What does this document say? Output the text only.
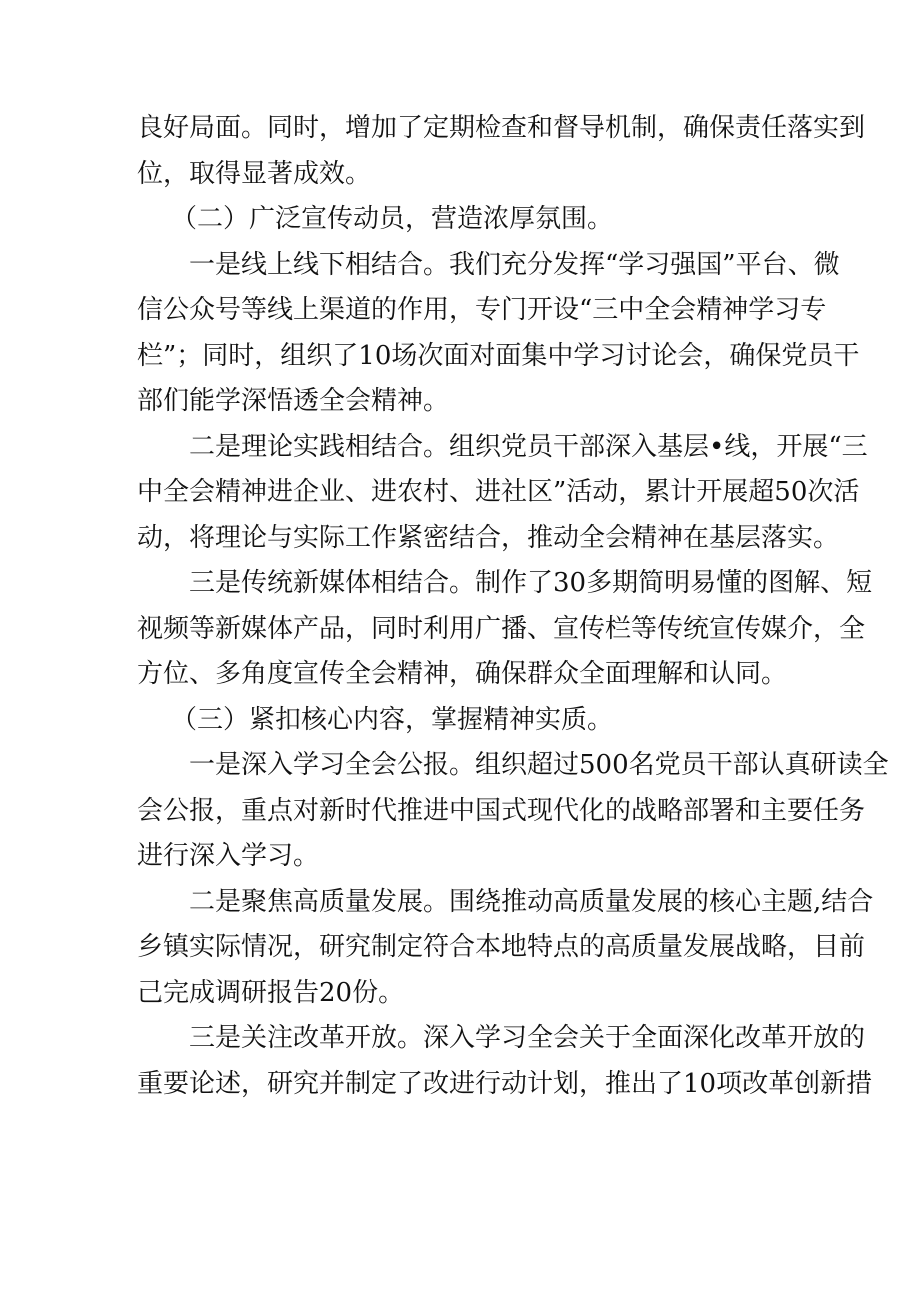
良好局面。同时，增加了定期检查和督导机制，确保责任落实到
位，取得显著成效。
（二）广泛宣传动员，营造浓厚氛围。
一是线上线下相结合。我们充分发挥“学习强国”平台、微
信公众号等线上渠道的作用，专门开设“三中全会精神学习专
栏”；同时，组织了10场次面对面集中学习讨论会，确保党员干
部们能学深悟透全会精神。
二是理论实践相结合。组织党员干部深入基层•线，开展“三
中全会精神进企业、进农村、进社区”活动，累计开展超50次活
动，将理论与实际工作紧密结合，推动全会精神在基层落实。
三是传统新媒体相结合。制作了30多期简明易懂的图解、短
视频等新媒体产品，同时利用广播、宣传栏等传统宣传媒介，全
方位、多角度宣传全会精神，确保群众全面理解和认同。
（三）紧扣核心内容，掌握精神实质。
一是深入学习全会公报。组织超过500名党员干部认真研读全
会公报，重点对新时代推进中国式现代化的战略部署和主要任务
进行深入学习。
二是聚焦高质量发展。围绕推动高质量发展的核心主题,结合
乡镇实际情况，研究制定符合本地特点的高质量发展战略，目前
己完成调研报告20份。
三是关注改革开放。深入学习全会关于全面深化改革开放的
重要论述，研究并制定了改进行动计划，推出了10项改革创新措
